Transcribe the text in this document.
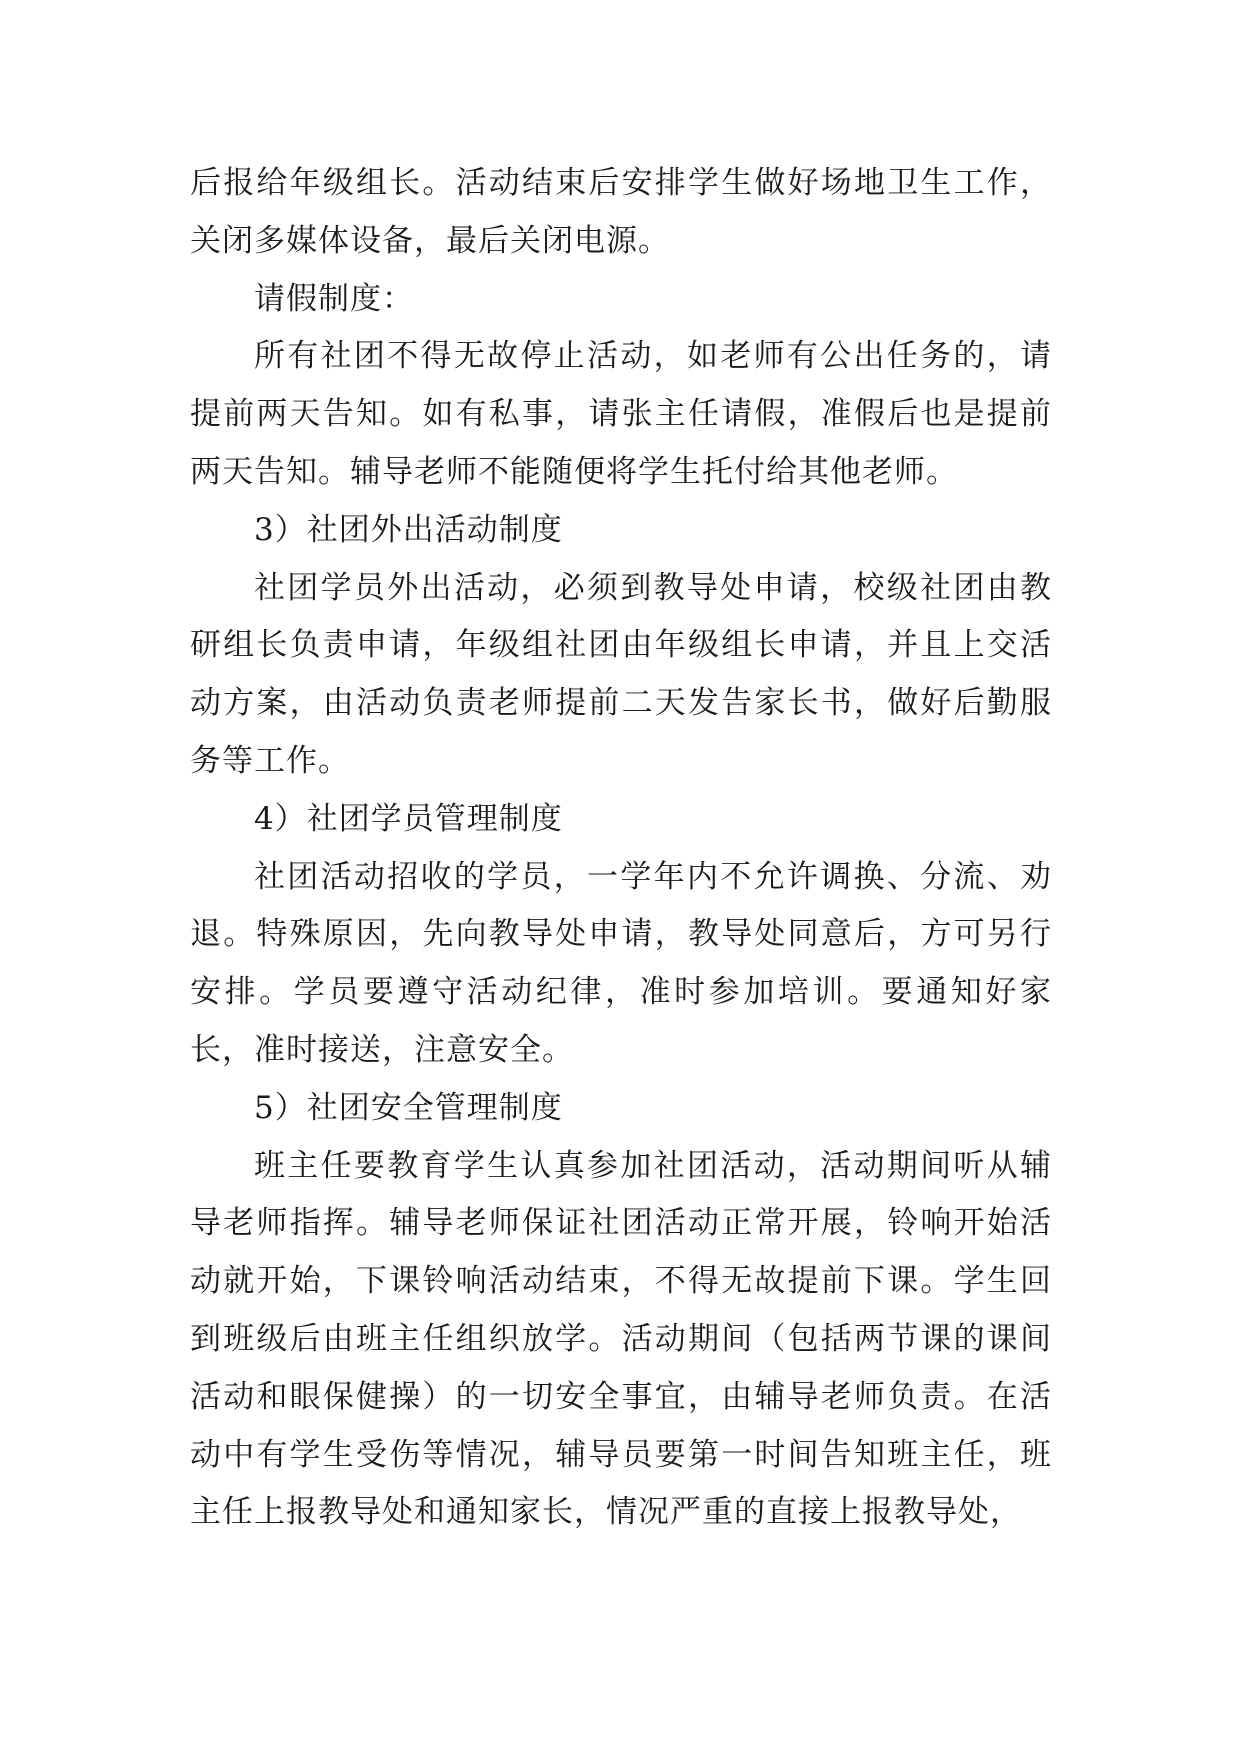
后报给年级组长。活动结束后安排学生做好场地卫生工作，关闭多媒体设备，最后关闭电源。

请假制度：

所有社团不得无故停止活动，如老师有公出任务的，请提前两天告知。如有私事，请张主任请假，准假后也是提前两天告知。辅导老师不能随便将学生托付给其他老师。

3）社团外出活动制度

社团学员外出活动，必须到教导处申请，校级社团由教研组长负责申请，年级组社团由年级组长申请，并且上交活动方案，由活动负责老师提前二天发告家长书，做好后勤服务等工作。

4）社团学员管理制度

社团活动招收的学员，一学年内不允许调换、分流、劝退。特殊原因，先向教导处申请，教导处同意后，方可另行安排。学员要遵守活动纪律，准时参加培训。要通知好家长，准时接送，注意安全。

5）社团安全管理制度

班主任要教育学生认真参加社团活动，活动期间听从辅导老师指挥。辅导老师保证社团活动正常开展，铃响开始活动就开始，下课铃响活动结束，不得无故提前下课。学生回到班级后由班主任组织放学。活动期间（包括两节课的课间活动和眼保健操）的一切安全事宜，由辅导老师负责。在活动中有学生受伤等情况，辅导员要第一时间告知班主任，班主任上报教导处和通知家长，情况严重的直接上报教导处，
